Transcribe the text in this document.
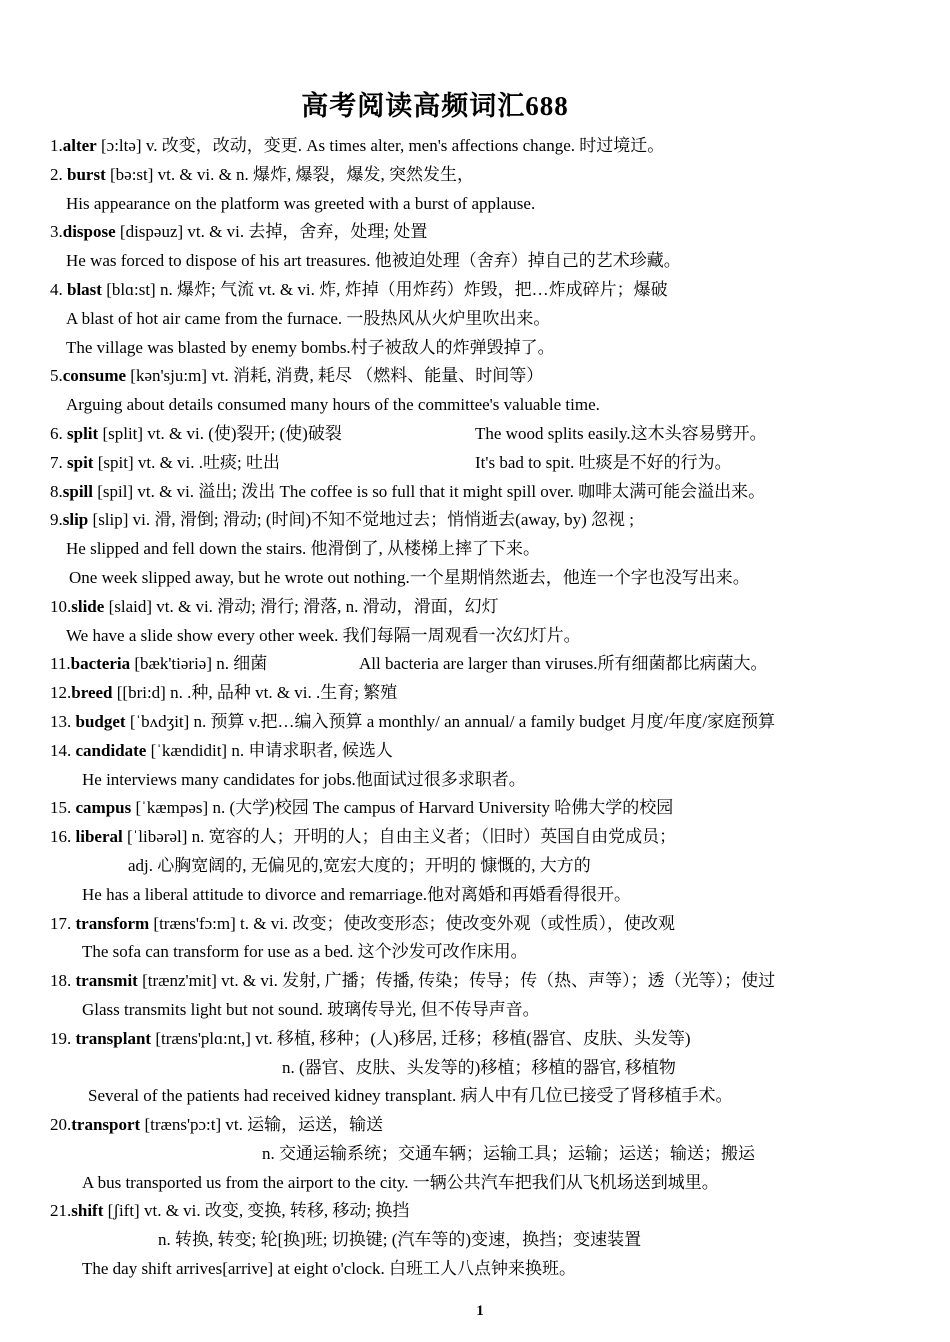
高考阅读高频词汇688
1.alter [ɔ:ltə] v. 改变，改动，变更. As times alter, men's affections change. 时过境迁。
2. burst [bə:st] vt. & vi. & n. 爆炸, 爆裂，爆发, 突然发生，
His appearance on the platform was greeted with a burst of applause.
3.dispose [dispəuz] vt. & vi. 去掉，舍弃，处理; 处置
He was forced to dispose of his art treasures. 他被迫处理（舍弃）掉自己的艺术珍藏。
4. blast [blɑ:st] n. 爆炸; 气流 vt. & vi. 炸, 炸掉（用炸药）炸毁，把…炸成碎片；爆破
A blast of hot air came from the furnace. 一股热风从火炉里吹出来。
The village was blasted by enemy bombs.村子被敌人的炸弹毁掉了。
5.consume [kən'sju:m] vt. 消耗, 消费, 耗尽 （燃料、能量、时间等）
Arguing about details consumed many hours of the committee's valuable time.
6. split [split] vt. & vi. (使)裂开; (使)破裂	The wood splits easily.这木头容易劈开。
7. spit [spit] vt. & vi. .吐痰; 吐出	It's bad to spit. 吐痰是不好的行为。
8.spill [spil] vt. & vi. 溢出; 泼出 The coffee is so full that it might spill over. 咖啡太满可能会溢出来。
9.slip [slip] vi. 滑, 滑倒; 滑动; (时间)不知不觉地过去；悄悄逝去(away, by) 忽视 ;
He slipped and fell down the stairs. 他滑倒了, 从楼梯上摔了下来。
One week slipped away, but he wrote out nothing.一个星期悄然逝去，他连一个字也没写出来。
10.slide [slaid] vt. & vi. 滑动; 滑行; 滑落, n. 滑动，滑面，幻灯
We have a slide show every other week. 我们每隔一周观看一次幻灯片。
11.bacteria [bæk'tiəriə] n. 细菌	All bacteria are larger than viruses.所有细菌都比病菌大。
12.breed [[bri:d] n. .种, 品种 vt. & vi. .生育; 繁殖
13. budget [ˈbʌdʒit] n. 预算 v.把…编入预算 a monthly/ an annual/ a family budget 月度/年度/家庭预算
14. candidate [ˈkændidit] n. 申请求职者, 候选人
He interviews many candidates for jobs.他面试过很多求职者。
15. campus [ˈkæmpəs] n. (大学)校园 The campus of Harvard University 哈佛大学的校园
16. liberal [ˈlibərəl] n. 宽容的人；开明的人；自由主义者；（旧时）英国自由党成员；
adj. 心胸宽阔的, 无偏见的,宽宏大度的；开明的 慷慨的, 大方的
He has a liberal attitude to divorce and remarriage.他对离婚和再婚看得很开。
17. transform [træns'fɔ:m] t. & vi. 改变；使改变形态；使改变外观（或性质），使改观
The sofa can transform for use as a bed. 这个沙发可改作床用。
18. transmit [trænz'mit] vt. & vi. 发射, 广播；传播, 传染；传导；传（热、声等）；透（光等）；使过
Glass transmits light but not sound. 玻璃传导光, 但不传导声音。
19. transplant [træns'plɑ:nt,] vt. 移植, 移种；(人)移居, 迁移；移植(器官、皮肤、头发等)
n. (器官、皮肤、头发等的)移植；移植的器官, 移植物
Several of the patients had received kidney transplant. 病人中有几位已接受了肾移植手术。
20.transport [træns'pɔ:t] vt. 运输，运送，输送
n. 交通运输系统；交通车辆；运输工具；运输；运送；输送；搬运
A bus transported us from the airport to the city. 一辆公共汽车把我们从飞机场送到城里。
21.shift [ʃift] vt. & vi. 改变, 变换, 转移, 移动; 换挡
n. 转换, 转变; 轮[换]班; 切换键; (汽车等的)变速，换挡；变速装置
The day shift arrives[arrive] at eight o'clock. 白班工人八点钟来换班。
1
